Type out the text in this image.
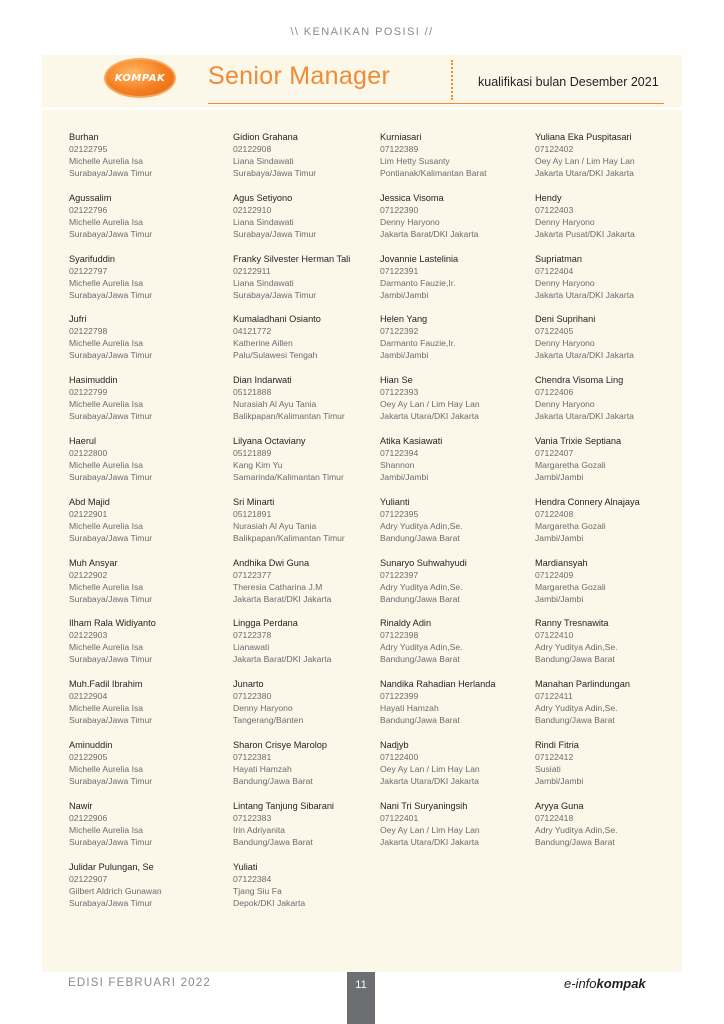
\\ KENAIKAN POSISI //
KOMPAK Senior Manager	kualifikasi bulan Desember 2021
Burhan
02122795
Michelle Aurelia Isa
Surabaya/Jawa Timur
Agussalim
02122796
Michelle Aurelia Isa
Surabaya/Jawa Timur
Syarifuddin
02122797
Michelle Aurelia Isa
Surabaya/Jawa Timur
Jufri
02122798
Michelle Aurelia Isa
Surabaya/Jawa Timur
Hasimuddin
02122799
Michelle Aurelia Isa
Surabaya/Jawa Timur
Haerul
02122800
Michelle Aurelia Isa
Surabaya/Jawa Timur
Abd Majid
02122901
Michelle Aurelia Isa
Surabaya/Jawa Timur
Muh Ansyar
02122902
Michelle Aurelia Isa
Surabaya/Jawa Timur
Ilham Rala Widiyanto
02122903
Michelle Aurelia Isa
Surabaya/Jawa Timur
Muh.Fadil Ibrahim
02122904
Michelle Aurelia Isa
Surabaya/Jawa Timur
Aminuddin
02122905
Michelle Aurelia Isa
Surabaya/Jawa Timur
Nawir
02122906
Michelle Aurelia Isa
Surabaya/Jawa Timur
Julidar Pulungan, Se
02122907
Gilbert Aldrich Gunawan
Surabaya/Jawa Timur
Gidion Grahana
02122908
Liana Sindawati
Surabaya/Jawa Timur
Agus Setiyono
02122910
Liana Sindawati
Surabaya/Jawa Timur
Franky Silvester Herman Tali
02122911
Liana Sindawati
Surabaya/Jawa Timur
Kumaladhani Osianto
04121772
Katherine Aillen
Palu/Sulawesi Tengah
Dian Indarwati
05121888
Nurasiah Al Ayu Tania
Balikpapan/Kalimantan Timur
Lilyana Octaviany
05121889
Kang Kim Yu
Samarinda/Kalimantan Timur
Sri Minarti
05121891
Nurasiah Al Ayu Tania
Balikpapan/Kalimantan Timur
Andhika Dwi Guna
07122377
Theresia Catharina J.M
Jakarta Barat/DKI Jakarta
Lingga Perdana
07122378
Lianawati
Jakarta Barat/DKI Jakarta
Junarto
07122380
Denny Haryono
Tangerang/Banten
Sharon Crisye Marolop
07122381
Hayati Hamzah
Bandung/Jawa Barat
Lintang Tanjung Sibarani
07122383
Irin Adriyanita
Bandung/Jawa Barat
Yuliati
07122384
Tjang Siu Fa
Depok/DKI Jakarta
Kurniasari
07122389
Lim Hetty Susanty
Pontianak/Kalimantan Barat
Jessica Visoma
07122390
Denny Haryono
Jakarta Barat/DKI Jakarta
Jovannie Lastelinia
07122391
Darmanto Fauzie,Ir.
Jambi/Jambi
Helen Yang
07122392
Darmanto Fauzie,Ir.
Jambi/Jambi
Hian Se
07122393
Oey Ay Lan / Lim Hay Lan
Jakarta Utara/DKI Jakarta
Atika Kasiawati
07122394
Shannon
Jambi/Jambi
Yulianti
07122395
Adry Yuditya Adin,Se.
Bandung/Jawa Barat
Sunaryo Suhwahyudi
07122397
Adry Yuditya Adin,Se.
Bandung/Jawa Barat
Rinaldy Adin
07122398
Adry Yuditya Adin,Se.
Bandung/Jawa Barat
Nandika Rahadian Herlanda
07122399
Hayati Hamzah
Bandung/Jawa Barat
Nadjyb
07122400
Oey Ay Lan / Lim Hay Lan
Jakarta Utara/DKI Jakarta
Nani Tri Suryaningsih
07122401
Oey Ay Lan / Lim Hay Lan
Jakarta Utara/DKI Jakarta
Yuliana Eka Puspitasari
07122402
Oey Ay Lan / Lim Hay Lan
Jakarta Utara/DKI Jakarta
Hendy
07122403
Denny Haryono
Jakarta Pusat/DKI Jakarta
Supriatman
07122404
Denny Haryono
Jakarta Utara/DKI Jakarta
Deni Suprihani
07122405
Denny Haryono
Jakarta Utara/DKI Jakarta
Chendra Visoma Ling
07122406
Denny Haryono
Jakarta Utara/DKI Jakarta
Vania Trixie Septiana
07122407
Margaretha Gozali
Jambi/Jambi
Hendra Connery Alnajaya
07122408
Margaretha Gozali
Jambi/Jambi
Mardiansyah
07122409
Margaretha Gozali
Jambi/Jambi
Ranny Tresnawita
07122410
Adry Yuditya Adin,Se.
Bandung/Jawa Barat
Manahan Parlindungan
07122411
Adry Yuditya Adin,Se.
Bandung/Jawa Barat
Rindi Fitria
07122412
Susiati
Jambi/Jambi
Aryya Guna
07122418
Adry Yuditya Adin,Se.
Bandung/Jawa Barat
EDISI FEBRUARI 2022	11	e-infokompak
